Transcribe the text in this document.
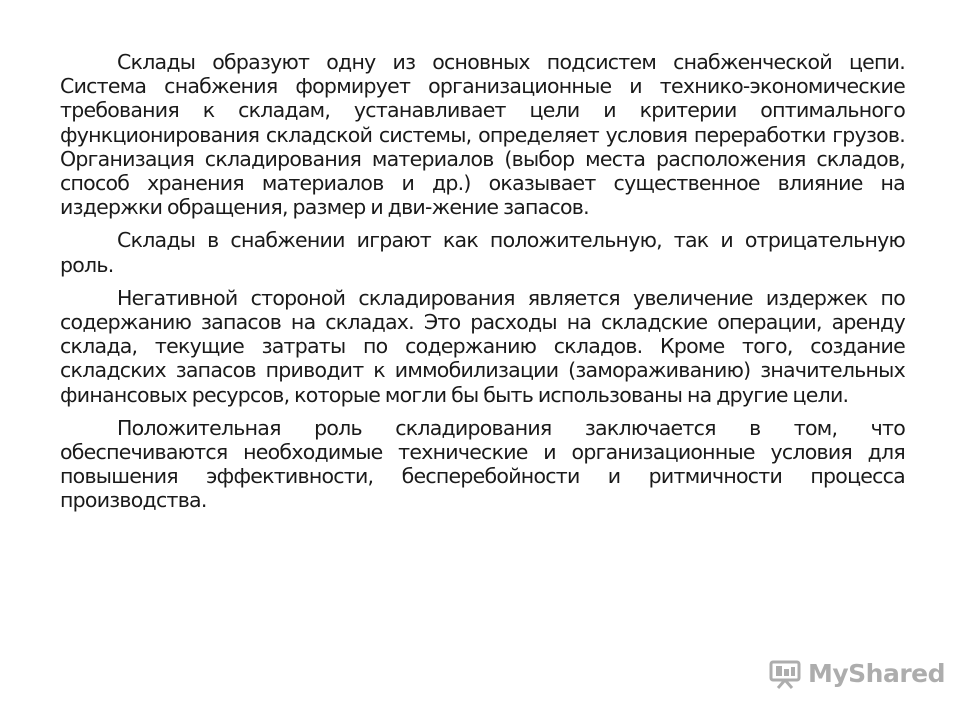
Склады образуют одну из основных подсистем снабженческой цепи. Система снабжения формирует организационные и технико-экономические требования к складам, устанавливает цели и критерии оптимального функционирования складской системы, определяет условия переработки грузов. Организация складирования материалов (выбор места расположения складов, способ хранения материалов и др.) оказывает существенное влияние на издержки обращения, размер и дви-жение запасов.

Склады в снабжении играют как положительную, так и отрицательную роль.

Негативной стороной складирования является увеличение издержек по содержанию запасов на складах. Это расходы на складские операции, аренду склада, текущие затраты по содержанию складов. Кроме того, создание складских запасов приводит к иммобилизации (замораживанию) значительных финансовых ресурсов, которые могли бы быть использованы на другие цели.

Положительная роль складирования заключается в том, что обеспечиваются необходимые технические и организационные условия для повышения эффективности, бесперебойности и ритмичности процесса производства.

MyShared
